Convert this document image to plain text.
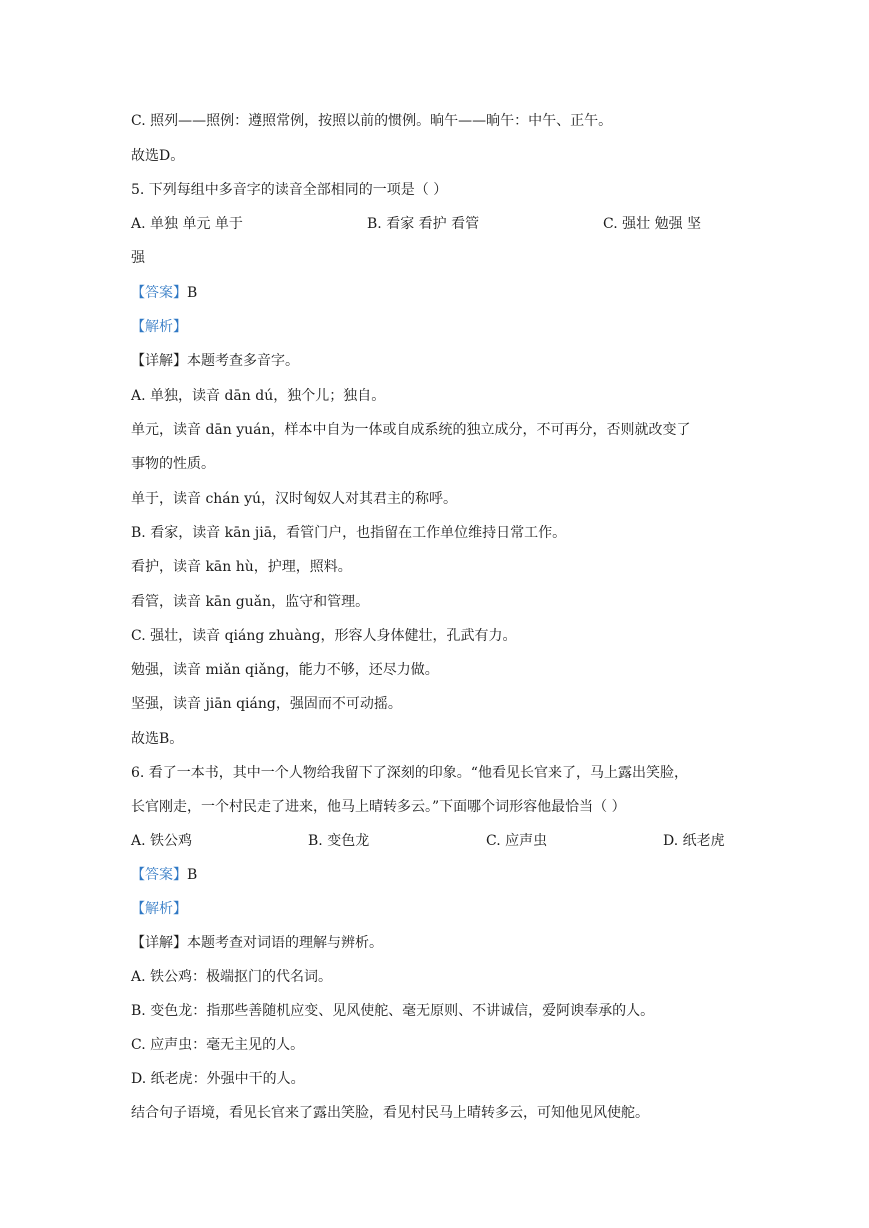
C. 照列——照例：遵照常例，按照以前的惯例。晌午——晌午：中午、正午。
故选D。
5. 下列每组中多音字的读音全部相同的一项是（ ）
A. 单独 单元 单于	B. 看家 看护 看管	C. 强壮 勉强 坚
强
【答案】B
【解析】
【详解】本题考查多音字。
A. 单独，读音 dān dú，独个儿；独自。
单元，读音 dān yuán，样本中自为一体或自成系统的独立成分，不可再分，否则就改变了
事物的性质。
单于，读音 chán yú，汉时匈奴人对其君主的称呼。
B. 看家，读音 kān jiā，看管门户，也指留在工作单位维持日常工作。
看护，读音 kān hù，护理，照料。
看管，读音 kān guǎn，监守和管理。
C. 强壮，读音 qiáng zhuàng，形容人身体健壮，孔武有力。
勉强，读音 miǎn qiǎng，能力不够，还尽力做。
坚强，读音 jiān qiáng，强固而不可动摇。
故选B。
6. 看了一本书，其中一个人物给我留下了深刻的印象。“他看见长官来了，马上露出笑脸，
长官刚走，一个村民走了进来，他马上晴转多云。”下面哪个词形容他最恰当（ ）
A. 铁公鸡	B. 变色龙	C. 应声虫	D. 纸老虎
【答案】B
【解析】
【详解】本题考查对词语的理解与辨析。
A. 铁公鸡：极端抠门的代名词。
B. 变色龙：指那些善随机应变、见风使舵、毫无原则、不讲诚信，爱阿谀奉承的人。
C. 应声虫：毫无主见的人。
D. 纸老虎：外强中干的人。
结合句子语境，看见长官来了露出笑脸，看见村民马上晴转多云，可知他见风使舵。
